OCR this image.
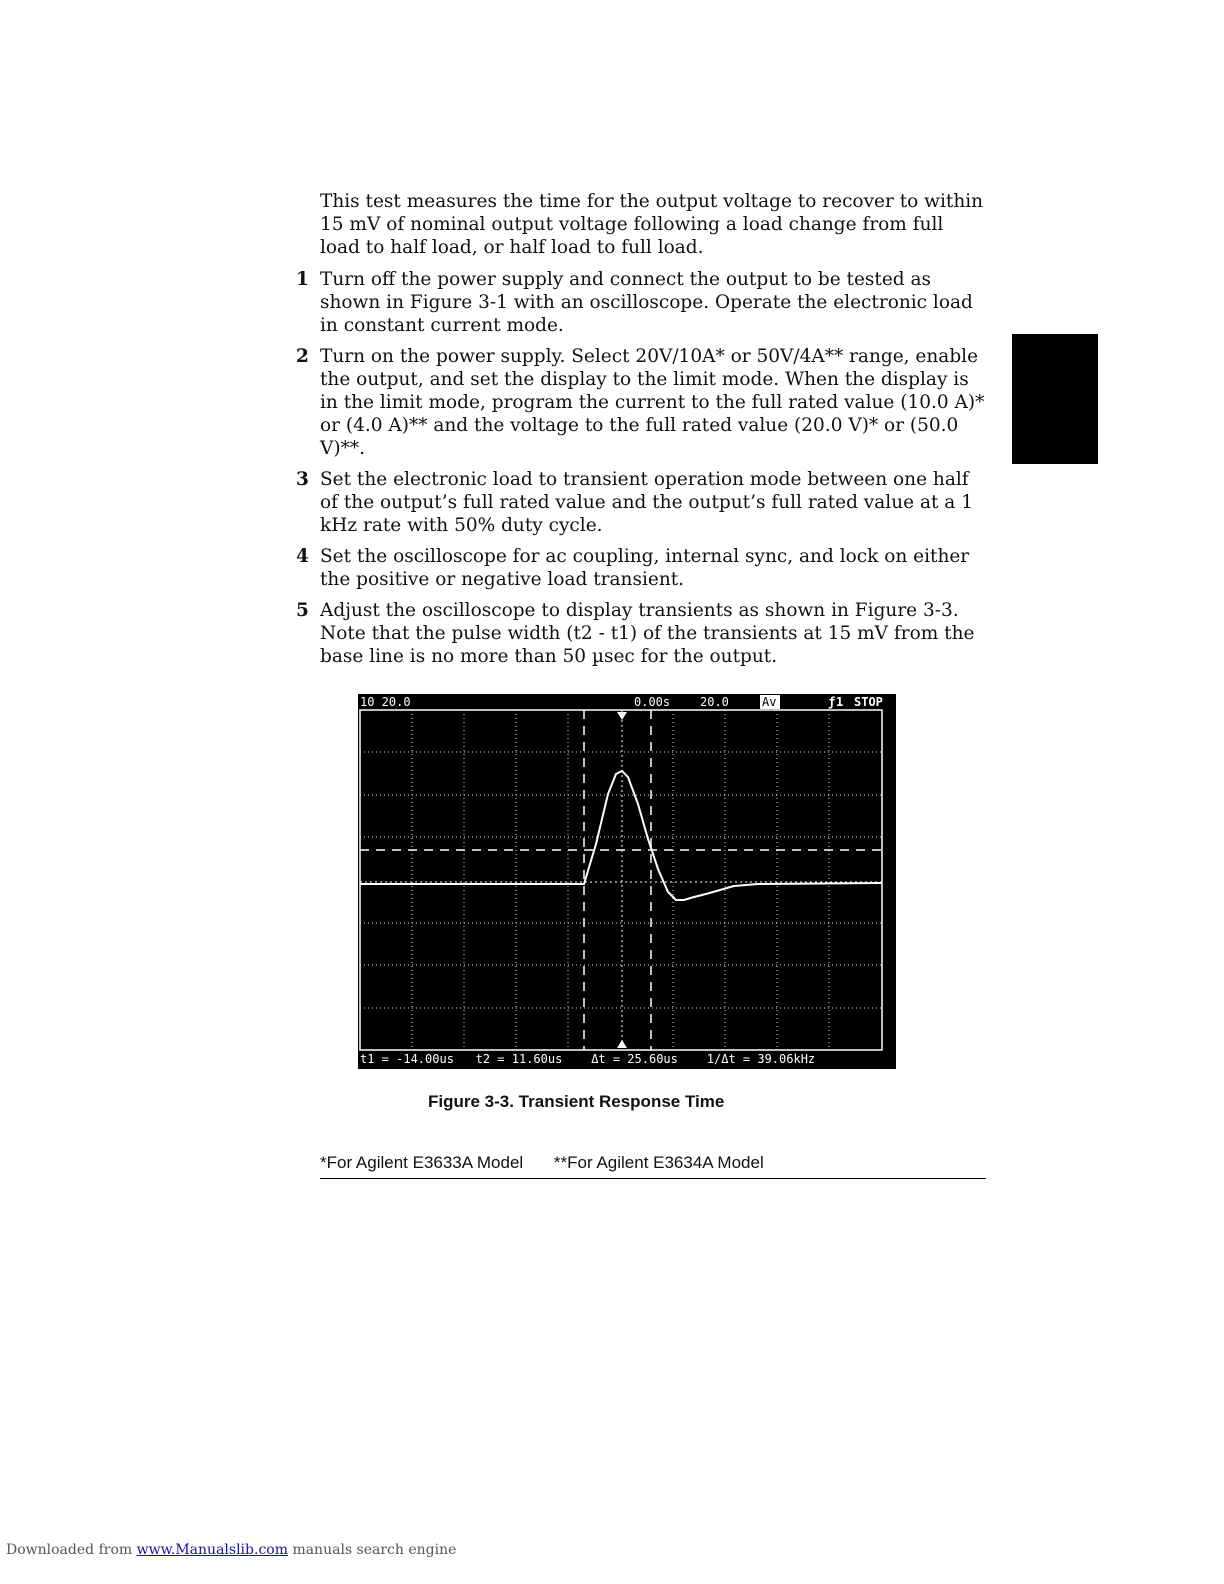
This test measures the time for the output voltage to recover to within 15 mV of nominal output voltage following a load change from full load to half load, or half load to full load.

1 Turn off the power supply and connect the output to be tested as shown in Figure 3-1 with an oscilloscope. Operate the electronic load in constant current mode.
2 Turn on the power supply. Select 20V/10A* or 50V/4A** range, enable the output, and set the display to the limit mode. When the display is in the limit mode, program the current to the full rated value (10.0 A)* or (4.0 A)** and the voltage to the full rated value (20.0 V)* or (50.0 V)**.
3 Set the electronic load to transient operation mode between one half of the output’s full rated value and the output’s full rated value at a 1 kHz rate with 50% duty cycle.
4 Set the oscilloscope for ac coupling, internal sync, and lock on either the positive or negative load transient.
5 Adjust the oscilloscope to display transients as shown in Figure 3-3. Note that the pulse width (t2 - t1) of the transients at 15 mV from the base line is no more than 50 µsec for the output.
10 20.0	0.00s 20.0	Av	ƒ 1 STOP
t1 = -14.00us   t2 = 11.60us    Δt = 25.60us    1/Δt = 39.06kHz
Figure 3-3. Transient Response Time
*For Agilent E3633A Model **For Agilent E3634A Model
Downloaded from www.Manualslib.com manuals search engine
